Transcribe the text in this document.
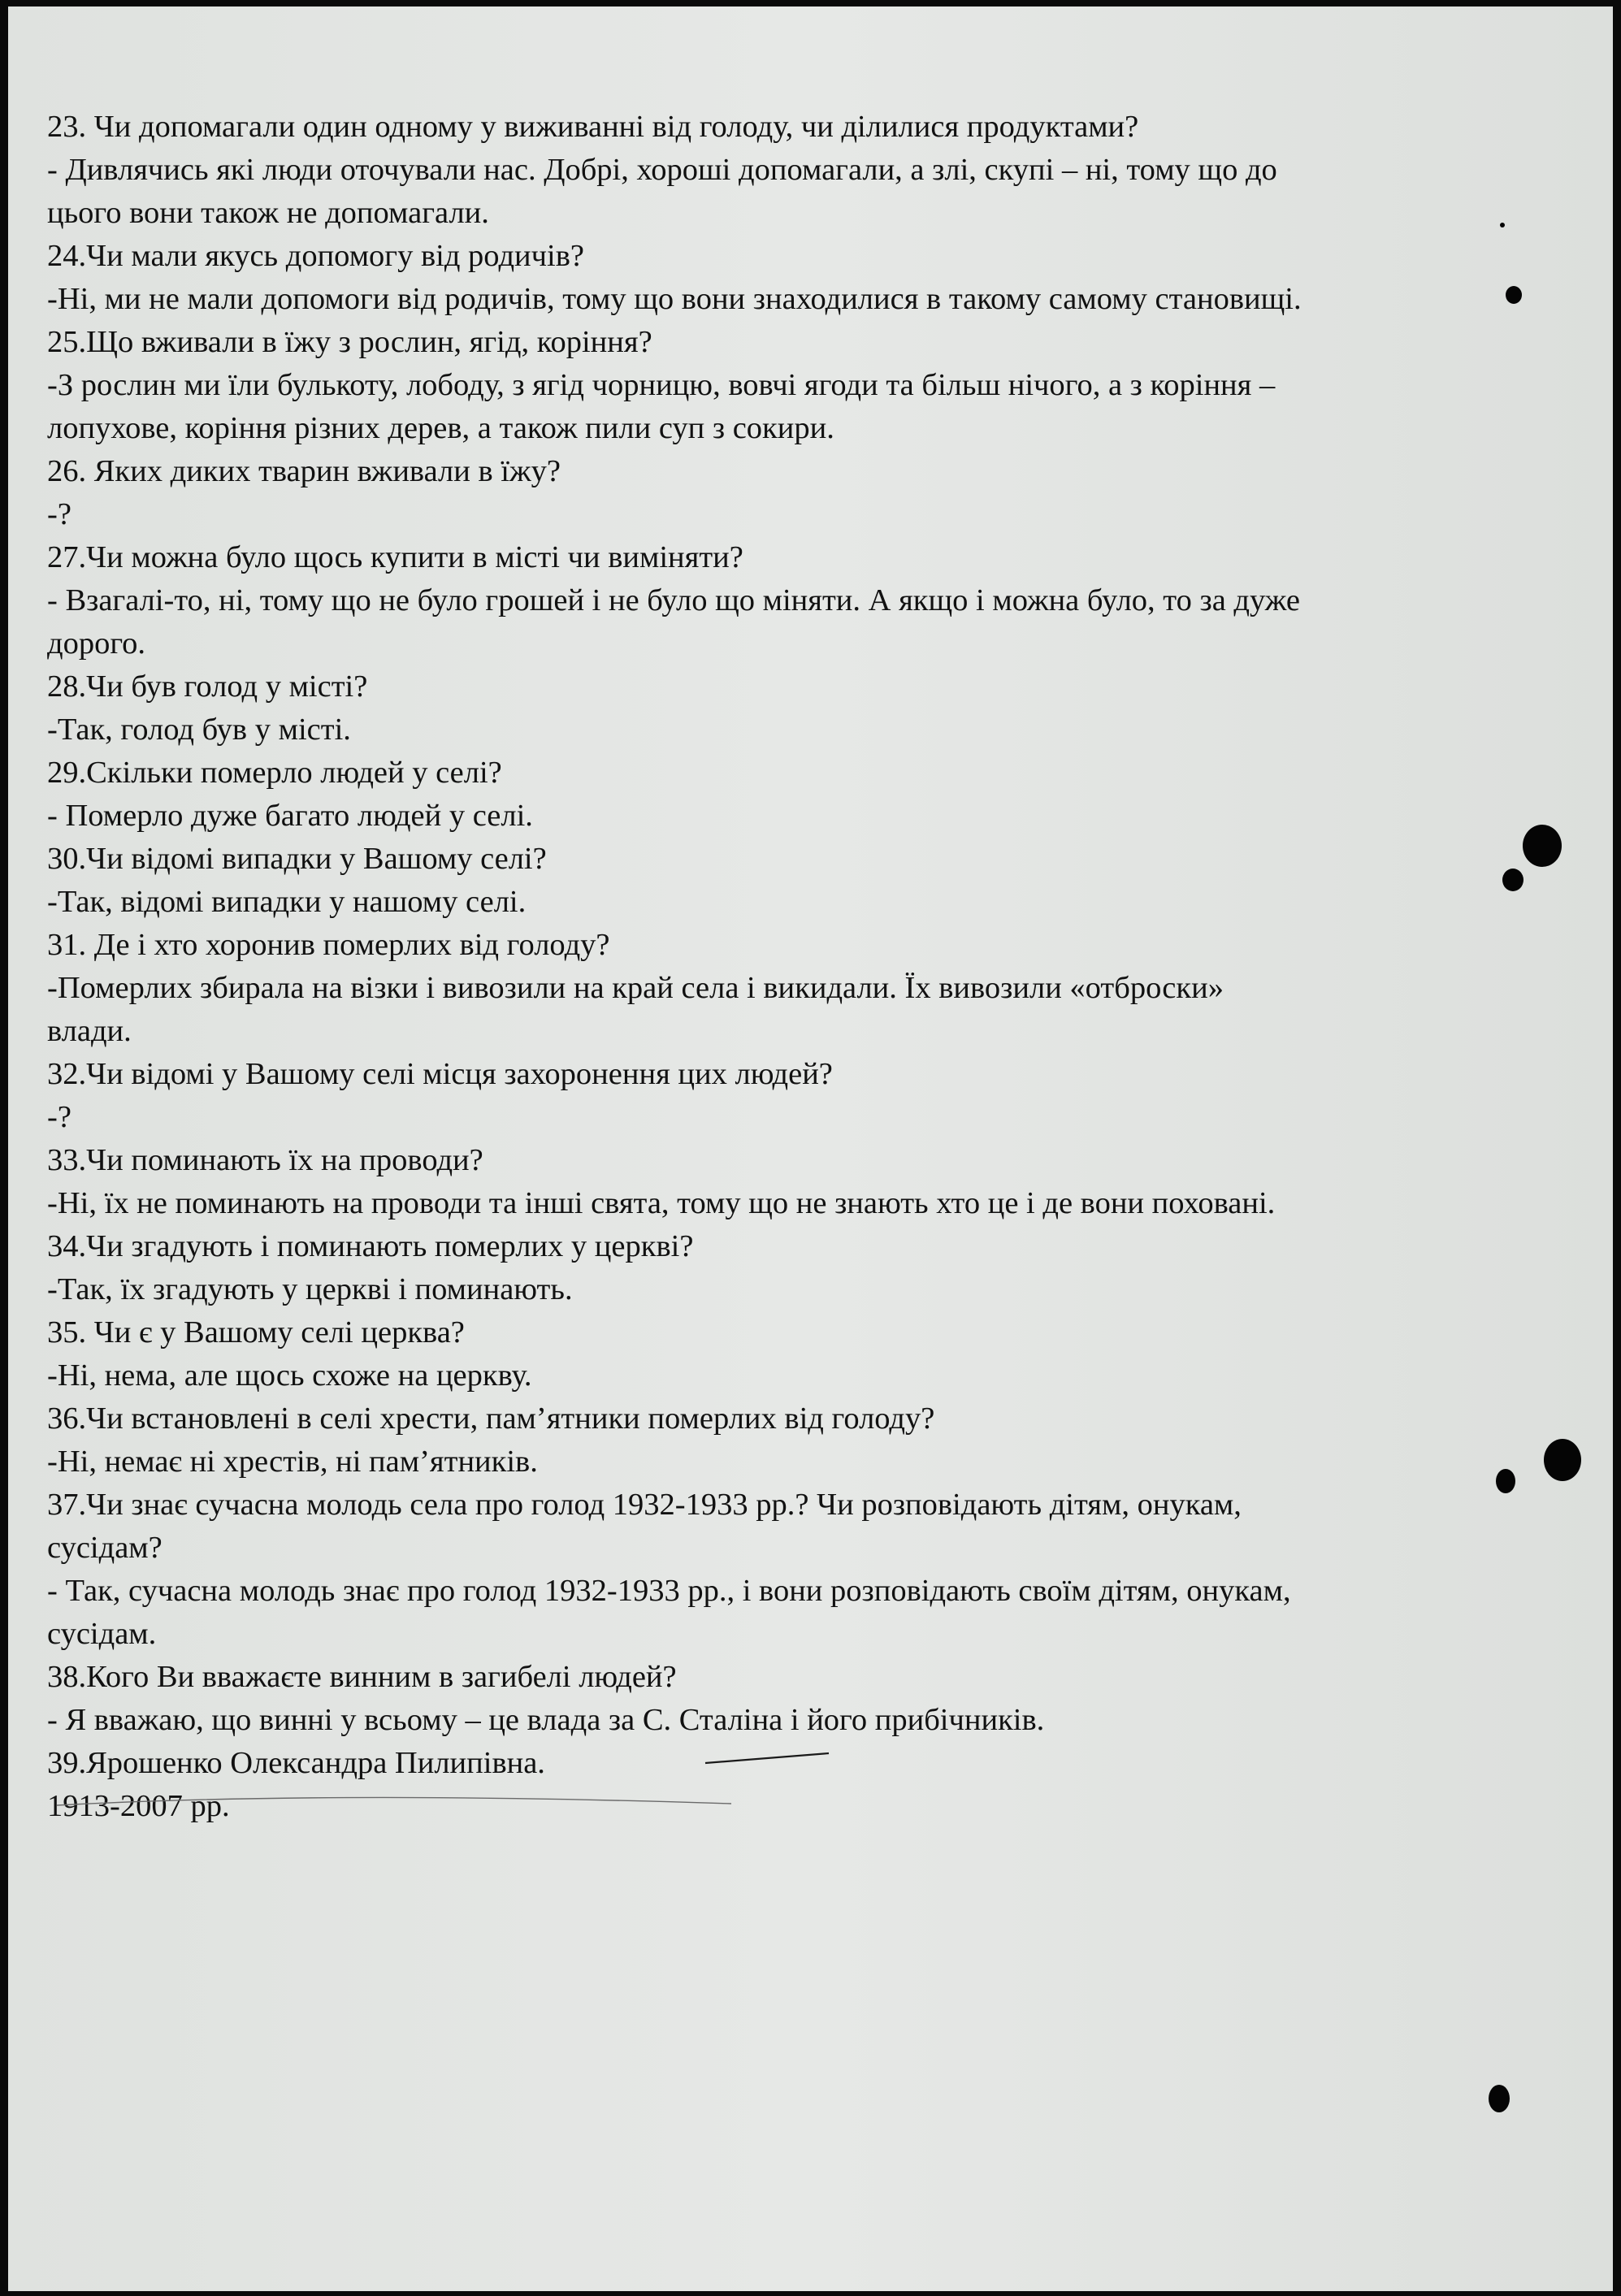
23. Чи допомагали один одному у виживанні від голоду, чи ділилися продуктами?

- Дивлячись які люди оточували нас. Добрі, хороші допомагали, а злі, скупі – ні, тому що до

цього вони також не допомагали.

24.Чи мали якусь допомогу від родичів?

-Ні, ми не мали допомоги від родичів, тому що вони знаходилися в такому самому становищі.

25.Що вживали в їжу з рослин, ягід, коріння?

-З рослин ми їли булькоту, лободу, з ягід чорницю, вовчі ягоди та більш нічого, а з коріння –

лопухове, коріння різних дерев, а також пили суп з сокири.

26. Яких диких тварин вживали в їжу?

-?

27.Чи можна було щось купити в місті чи виміняти?

- Взагалі-то, ні, тому що не було грошей і не було що міняти. А якщо і можна було, то за дуже

дорого.

28.Чи був голод у місті?

-Так, голод був у місті.

29.Скільки померло людей у селі?

- Померло дуже багато людей у селі.

30.Чи відомі випадки у Вашому селі?

-Так, відомі випадки у нашому селі.

31. Де і хто хоронив померлих від голоду?

-Померлих збирала на візки і вивозили на край села і викидали. Їх вивозили «отброски»

влади.

32.Чи відомі у Вашому селі місця захоронення цих людей?

-?

33.Чи поминають їх на проводи?

-Ні, їх не поминають на проводи та інші свята, тому що не знають хто це і де вони поховані.

34.Чи згадують і поминають померлих у церкві?

-Так, їх згадують у церкві і поминають.

35. Чи є у Вашому селі церква?

-Ні, нема, але щось схоже на церкву.

36.Чи встановлені в селі хрести, пам’ятники померлих від голоду?

-Ні, немає ні хрестів, ні пам’ятників.

37.Чи знає сучасна молодь села про голод 1932-1933 рр.? Чи розповідають дітям, онукам,

сусідам?

- Так, сучасна молодь знає про голод 1932-1933 рр., і вони розповідають своїм дітям, онукам,

сусідам.

38.Кого Ви вважаєте винним в загибелі людей?

- Я вважаю, що винні у всьому – це влада за С. Сталіна і його прибічників.

39.Ярошенко Олександра Пилипівна.

1913-2007 рр.
